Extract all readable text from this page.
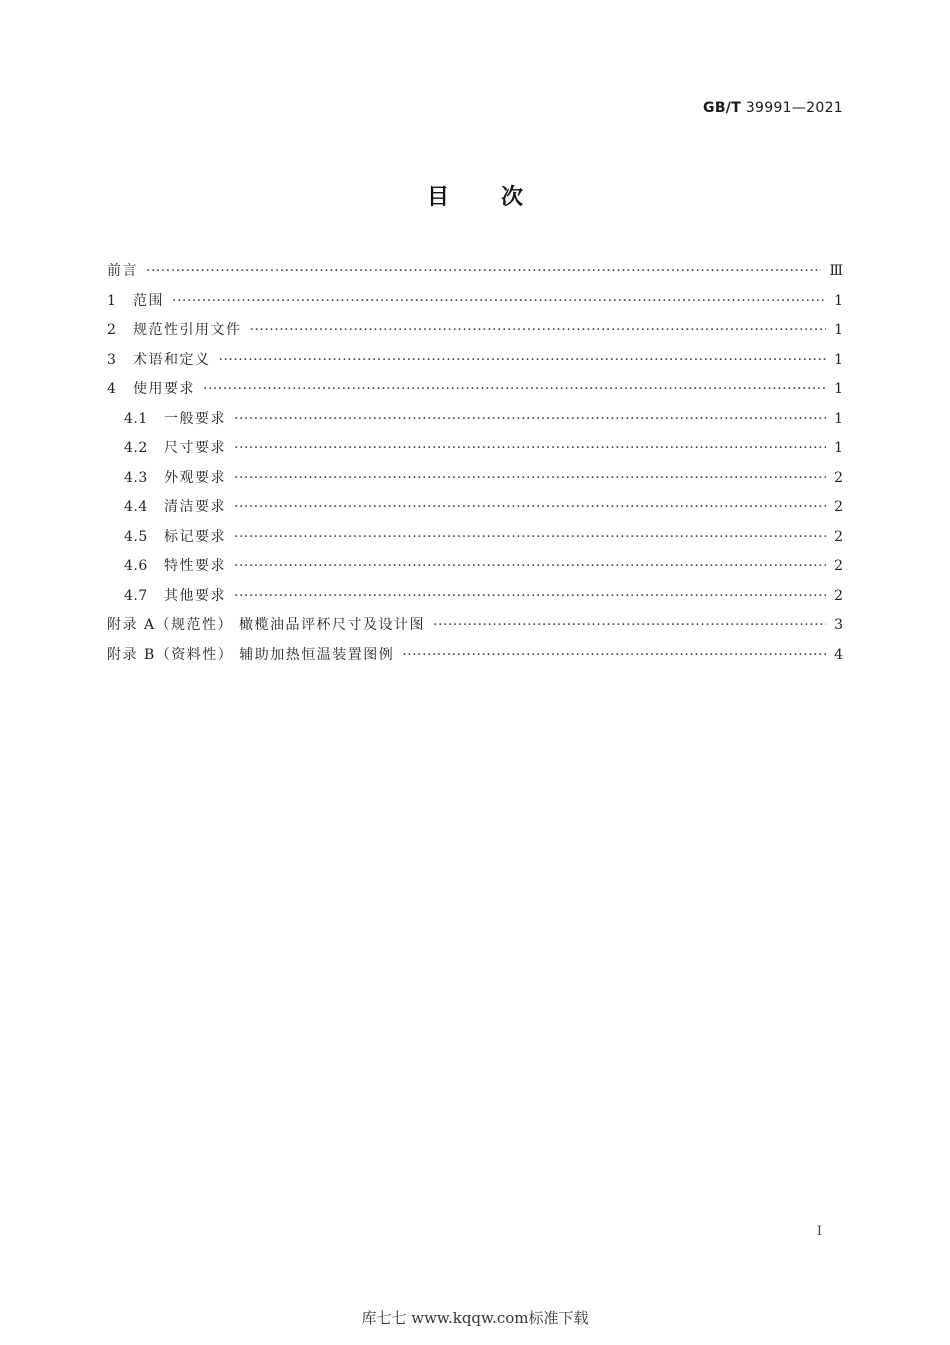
GB/T 39991—2021
目 次
前言 ·····	Ⅲ
1	范围 ·····	1
2	规范性引用文件 ·····	1
3	术语和定义 ·····	1
4	使用要求 ·····	1
4.1	一般要求 ·····	1
4.2	尺寸要求 ·····	1
4.3	外观要求 ·····	2
4.4	清洁要求 ·····	2
4.5	标记要求 ·····	2
4.6	特性要求 ·····	2
4.7	其他要求 ·····	2
附录 A（规范性） 橄榄油品评杯尺寸及设计图 ·····	3
附录 B（资料性） 辅助加热恒温装置图例 ·····	4
I
库七七 www.kqqw.com标准下载
